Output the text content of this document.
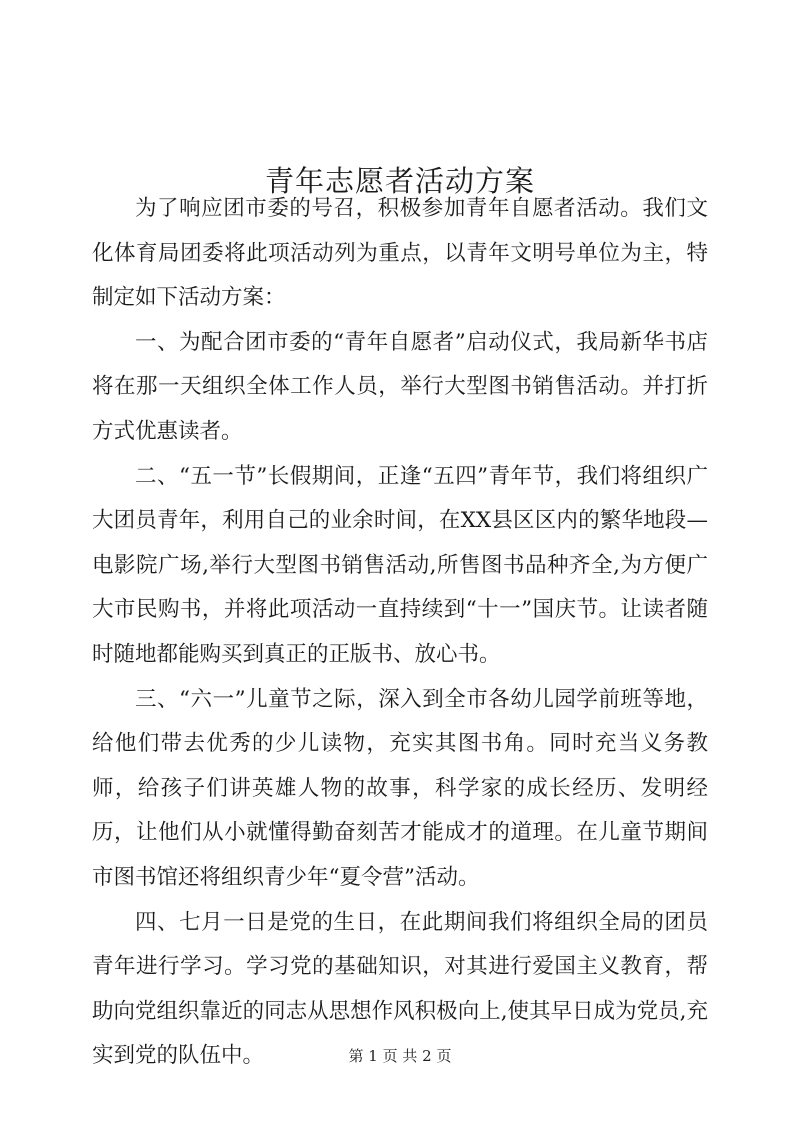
青年志愿者活动方案

为了响应团市委的号召，积极参加青年自愿者活动。我们文化体育局团委将此项活动列为重点，以青年文明号单位为主，特制定如下活动方案：

一、为配合团市委的“青年自愿者”启动仪式，我局新华书店将在那一天组织全体工作人员，举行大型图书销售活动。并打折方式优惠读者。

二、“五一节”长假期间，正逢“五四”青年节，我们将组织广大团员青年，利用自己的业余时间，在XX县区区内的繁华地段—电影院广场,举行大型图书销售活动,所售图书品种齐全,为方便广大市民购书，并将此项活动一直持续到“十一”国庆节。让读者随时随地都能购买到真正的正版书、放心书。

三、“六一”儿童节之际，深入到全市各幼儿园学前班等地，给他们带去优秀的少儿读物，充实其图书角。同时充当义务教师，给孩子们讲英雄人物的故事，科学家的成长经历、发明经历，让他们从小就懂得勤奋刻苦才能成才的道理。在儿童节期间市图书馆还将组织青少年“夏令营”活动。

四、七月一日是党的生日，在此期间我们将组织全局的团员青年进行学习。学习党的基础知识，对其进行爱国主义教育，帮助向党组织靠近的同志从思想作风积极向上,使其早日成为党员,充实到党的队伍中。	第 1 页 共 2 页
